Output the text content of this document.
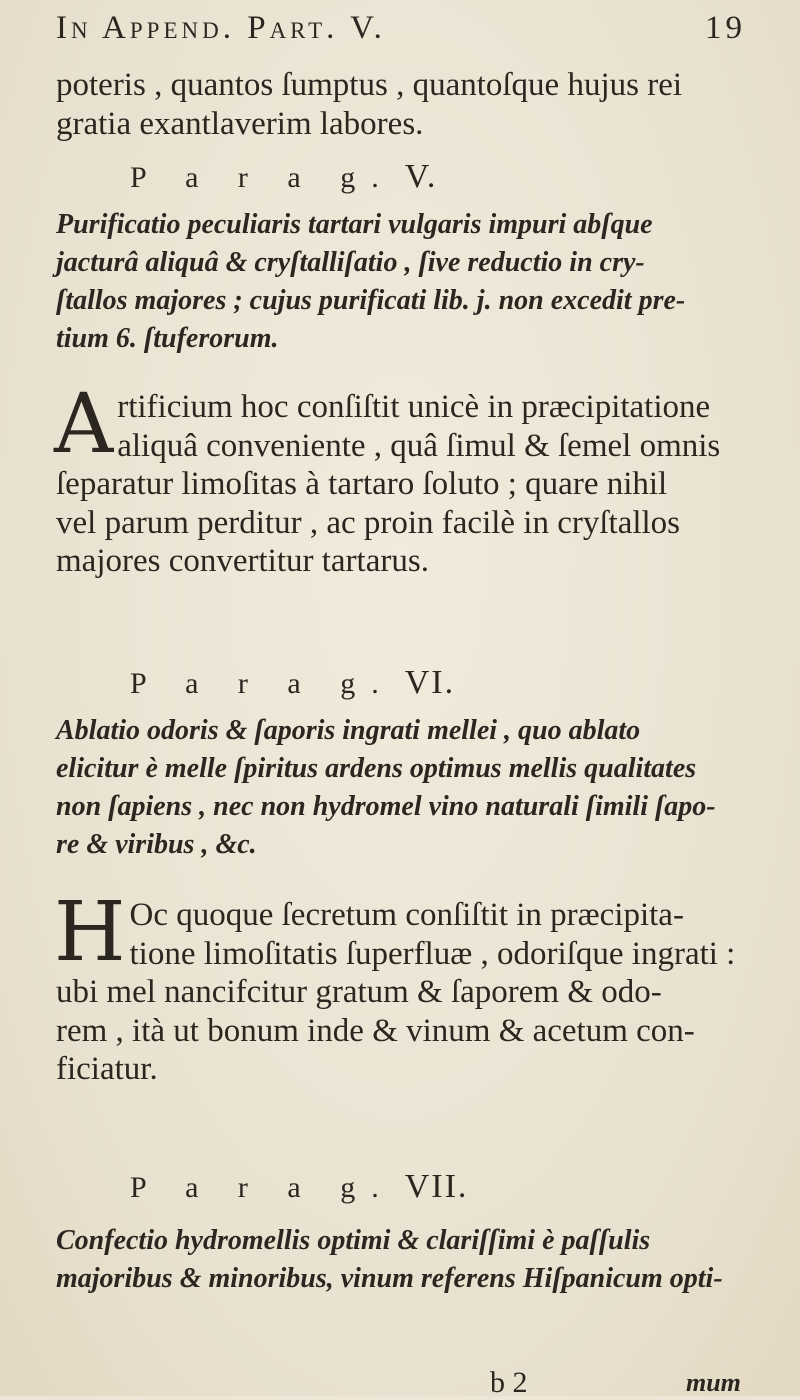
In Append. Part. V.	19

poteris , quantos ſumptus , quantoſque hujus rei
gratia exantlaverim labores.

P a r a g. V.

Purificatio peculiaris tartari vulgaris impuri abſque
jacturâ aliquâ & cryſtalliſatio , ſive reductio in cry-
ſtallos majores ; cujus purificati lib. j. non excedit pre-
tium 6. ſtuferorum.

A rtificium hoc conſiſtit unicè in præcipitatione
aliquâ conveniente , quâ ſimul & ſemel omnis
ſeparatur limoſitas à tartaro ſoluto ; quare nihil
vel parum perditur , ac proin facilè in cryſtallos
majores convertitur tartarus.

P a r a g. VI.

Ablatio odoris & ſaporis ingrati mellei , quo ablato
elicitur è melle ſpiritus ardens optimus mellis qualitates
non ſapiens , nec non hydromel vino naturali ſimili ſapo-
re & viribus , &c.

H Oc quoque ſecretum conſiſtit in præcipita-
tione limoſitatis ſuperfluæ , odoriſque ingrati :
ubi mel nancifcitur gratum & ſaporem & odo-
rem , ità ut bonum inde & vinum & acetum con-
ficiatur.

P a r a g. VII.

Confectio hydromellis optimi & clariſſimi è paſſulis
majoribus & minoribus, vinum referens Hiſpanicum opti-

b 2	mum
